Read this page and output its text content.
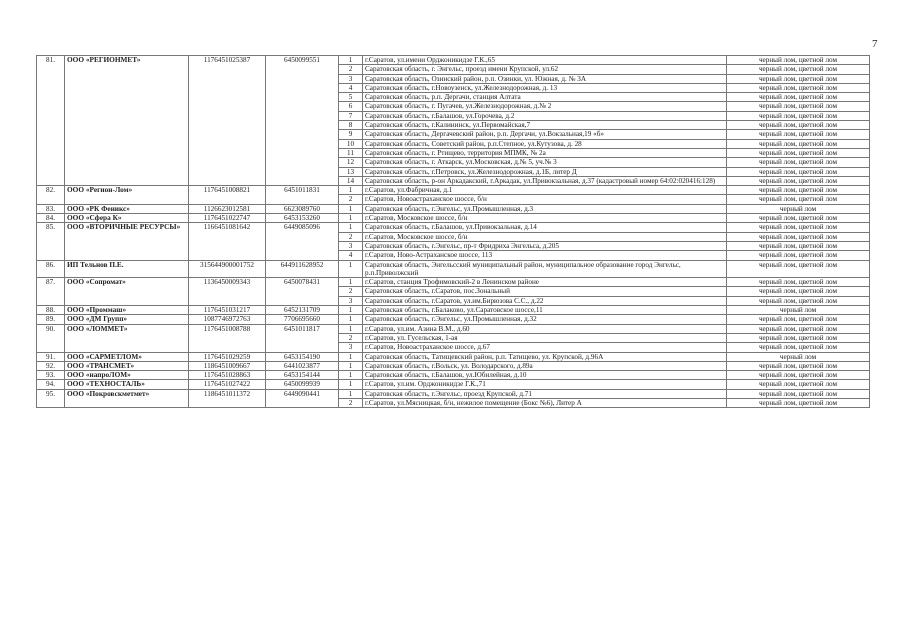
7
81.	ООО «РЕГИОНМЕТ»	1176451025387	6450099551	1	г.Саратов, ул.имени Орджоникидзе Г.К.,65	черный лом, цветной лом
				2	Саратовская область, г. Энгельс, проезд имени Крупской, ул.62	черный лом, цветной лом
				3	Саратовская область, Озинский район, р.п. Озинки, ул. Южная, д. № 3А	черный лом, цветной лом
				4	Саратовская область, г.Новоузенск, ул.Железнодорожная, д. 13	черный лом, цветной лом
				5	Саратовская область, р.п. Дергачи, станция Алтата	черный лом, цветной лом
				6	Саратовская область, г. Пугачев, ул.Железнодорожная, д.№ 2	черный лом, цветной лом
				7	Саратовская область, г.Балашов, ул.Горочева, д.2	черный лом, цветной лом
				8	Саратовская область, г.Калининск, ул.Первомайская,7	черный лом, цветной лом
				9	Саратовская область, Дергачевский район, р.п. Дергачи, ул.Вокзальная,19 «б»	черный лом, цветной лом
				10	Саратовская область, Советский район, р.п.Степное, ул.Кутузова, д. 28	черный лом, цветной лом
				11	Саратовская область, г. Ртищево, территория МПМК, № 2а	черный лом, цветной лом
				12	Саратовская область, г. Аткарск, ул.Московская, д.№ 5, уч.№ 3	черный лом, цветной лом
				13	Саратовская область, г.Петровск, ул.Железнодорожная, д.1Б, литер Д	черный лом, цветной лом
				14	Саратовская область, р-он Аркадакский, г.Аркадак, ул.Привокзальная, д.37 (кадастровый номер 64:02:020416:128)	черный лом, цветной лом
82.	ООО «Регион-Лом»	1176451008821	6451011831	1	г.Саратов, ул.Фабричная, д.1	черный лом, цветной лом
				2	г.Саратов, Новоастраханское шоссе, б/н	черный лом, цветной лом
83.	ООО «РК Феникс»	1126623012581	6623089760	1	Саратовская область, г.Энгельс, ул.Промышленная, д.3	черный лом
84.	ООО «Сфера К»	1176451022747	6453153260	1	г.Саратов, Московское шоссе, б/н	черный лом, цветной лом
85.	ООО «ВТОРИЧНЫЕ РЕСУРСЫ»	1166451081642	6449085096	1	Саратовская область, г.Балашов, ул.Привокзальная, д.14	черный лом, цветной лом
				2	г.Саратов, Московское шоссе, б/н	черный лом, цветной лом
				3	Саратовская область, г.Энгельс, пр-т Фридриха Энгельса, д.205	черный лом, цветной лом
				4	г.Саратов, Ново-Астраханское шоссе, 113	черный лом, цветной лом
86.	ИП Тельнов П.Е.	315644900001752	644911628952	1	Саратовская область, Энгельсский муниципальный район, муниципальное образование город Энгельс, р.п.Приволжский	черный лом, цветной лом
87.	ООО «Сопромат»	1136450009343	6450078431	1	г.Саратов, станция Трофимовский-2 в Ленинском районе	черный лом, цветной лом
				2	Саратовская область, г.Саратов, пос.Зональный	черный лом, цветной лом
				3	Саратовская область, г.Саратов, ул.им.Бирюзова С.С., д.22	черный лом, цветной лом
88.	ООО «Проммаш»	1176451031217	6452131709	1	Саратовская область, г.Балаково, ул.Саратовское шоссе,11	черный лом
89.	ООО «ДМ Групп»	1087746972763	7706695660	1	Саратовская область, г.Энгельс, ул.Промышленная, д.32	черный лом, цветной лом
90.	ООО «ЛОММЕТ»	1176451008788	6451011817	1	г.Саратов, ул.им. Азина В.М., д.60	черный лом, цветной лом
				2	г.Саратов, ул. Гусельская, 1-ая	черный лом, цветной лом
				3	г.Саратов, Новоастраханское шоссе, д.67	черный лом, цветной лом
91.	ООО «САРМЕТЛОМ»	1176451029259	6453154190	1	Саратовская область, Татищевский район, р.п. Татищево, ул. Крупской, д.96А	черный лом
92.	ООО «ТРАНСМЕТ»	1186451009667	6441023877	1	Саратовская область, г.Вольск, ул. Володарского, д.89а	черный лом, цветной лом
93.	ООО «напроЛОМ»	1176451028863	6453154144	1	Саратовская область, г.Балашов, ул.Юбилейная, д.10	черный лом, цветной лом
94.	ООО «ТЕХНОСТАЛЬ»	1176451027422	6450099939	1	г.Саратов, ул.им. Орджоникидзе Г.К.,71	черный лом, цветной лом
95.	ООО «Покровскметмет»	1186451011372	6449090441	1	Саратовская область, г.Энгельс, проезд Крупской, д.71	черный лом, цветной лом
				2	г.Саратов, ул.Мясницкая, б/н, нежилое помещение (Бокс №6), Литер А	черный лом, цветной лом
